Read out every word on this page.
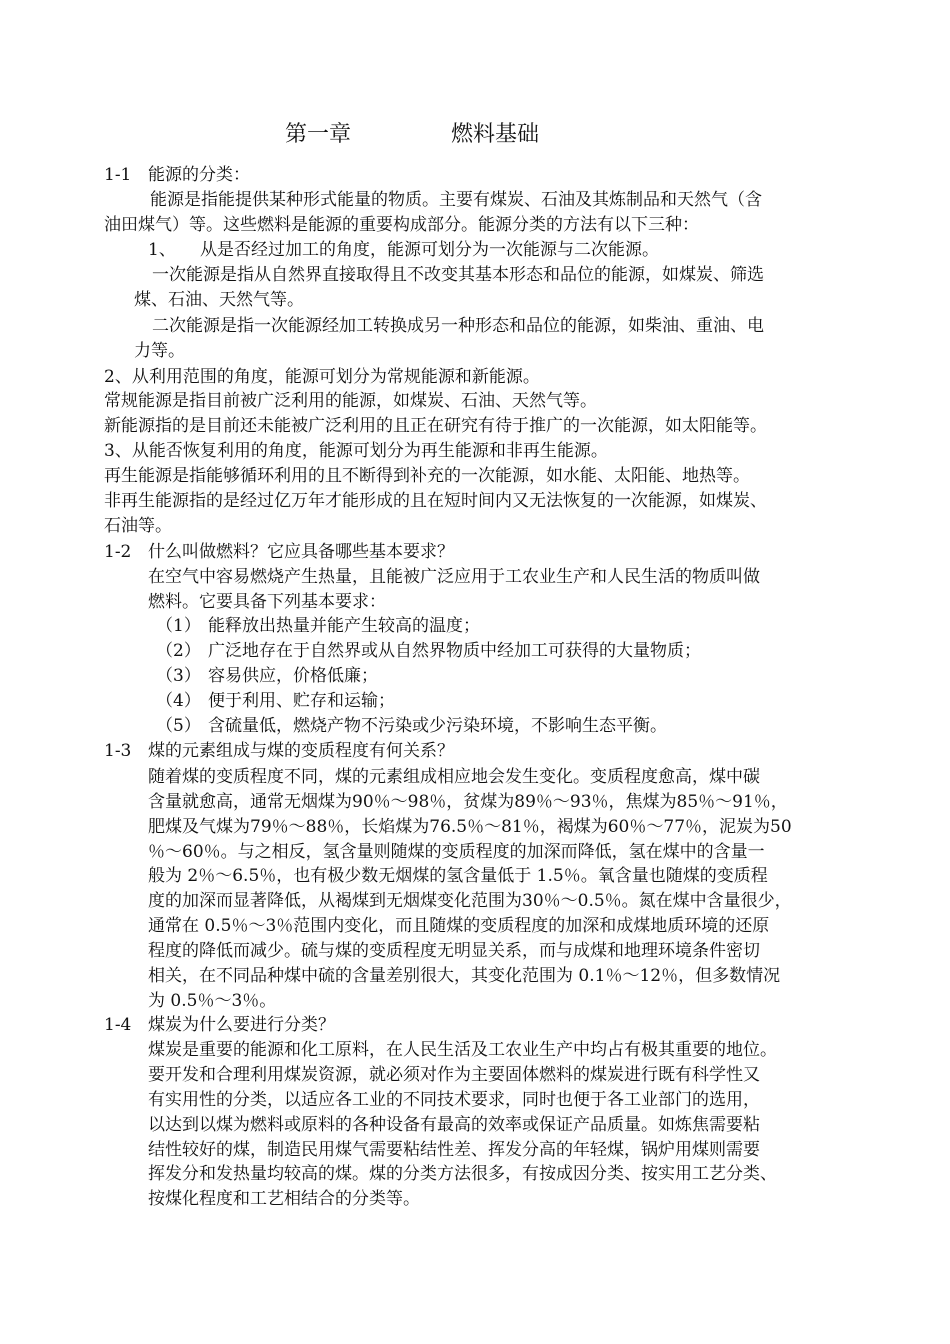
第一章	燃料基础
1-1 能源的分类：
能源是指能提供某种形式能量的物质。主要有煤炭、石油及其炼制品和天然气（含
油田煤气）等。这些燃料是能源的重要构成部分。能源分类的方法有以下三种：
1、 从是否经过加工的角度，能源可划分为一次能源与二次能源。
一次能源是指从自然界直接取得且不改变其基本形态和品位的能源，如煤炭、筛选
煤、石油、天然气等。
二次能源是指一次能源经加工转换成另一种形态和品位的能源，如柴油、重油、电
力等。
2、从利用范围的角度，能源可划分为常规能源和新能源。
常规能源是指目前被广泛利用的能源，如煤炭、石油、天然气等。
新能源指的是目前还未能被广泛利用的且正在研究有待于推广的一次能源，如太阳能等。
3、从能否恢复利用的角度，能源可划分为再生能源和非再生能源。
再生能源是指能够循环利用的且不断得到补充的一次能源，如水能、太阳能、地热等。
非再生能源指的是经过亿万年才能形成的且在短时间内又无法恢复的一次能源，如煤炭、
石油等。
1-2 什么叫做燃料？它应具备哪些基本要求？
在空气中容易燃烧产生热量，且能被广泛应用于工农业生产和人民生活的物质叫做
燃料。它要具备下列基本要求：
（1） 能释放出热量并能产生较高的温度；
（2） 广泛地存在于自然界或从自然界物质中经加工可获得的大量物质；
（3） 容易供应，价格低廉；
（4） 便于利用、贮存和运输；
（5） 含硫量低，燃烧产物不污染或少污染环境，不影响生态平衡。
1-3 煤的元素组成与煤的变质程度有何关系？
随着煤的变质程度不同，煤的元素组成相应地会发生变化。变质程度愈高，煤中碳
含量就愈高，通常无烟煤为90％～98％，贫煤为89％～93％，焦煤为85％～91％，
肥煤及气煤为79％～88％，长焰煤为76.5％～81％，褐煤为60％～77％，泥炭为50
％～60％。与之相反，氢含量则随煤的变质程度的加深而降低，氢在煤中的含量一
般为 2％～6.5％，也有极少数无烟煤的氢含量低于 1.5％。氧含量也随煤的变质程
度的加深而显著降低，从褐煤到无烟煤变化范围为30％～0.5％。氮在煤中含量很少，
通常在 0.5％～3％范围内变化，而且随煤的变质程度的加深和成煤地质环境的还原
程度的降低而减少。硫与煤的变质程度无明显关系，而与成煤和地理环境条件密切
相关，在不同品种煤中硫的含量差别很大，其变化范围为 0.1％～12％，但多数情况
为 0.5％～3％。
1-4 煤炭为什么要进行分类？
煤炭是重要的能源和化工原料，在人民生活及工农业生产中均占有极其重要的地位。
要开发和合理利用煤炭资源，就必须对作为主要固体燃料的煤炭进行既有科学性又
有实用性的分类，以适应各工业的不同技术要求，同时也便于各工业部门的选用，
以达到以煤为燃料或原料的各种设备有最高的效率或保证产品质量。如炼焦需要粘
结性较好的煤，制造民用煤气需要粘结性差、挥发分高的年轻煤，锅炉用煤则需要
挥发分和发热量均较高的煤。煤的分类方法很多，有按成因分类、按实用工艺分类、
按煤化程度和工艺相结合的分类等。
